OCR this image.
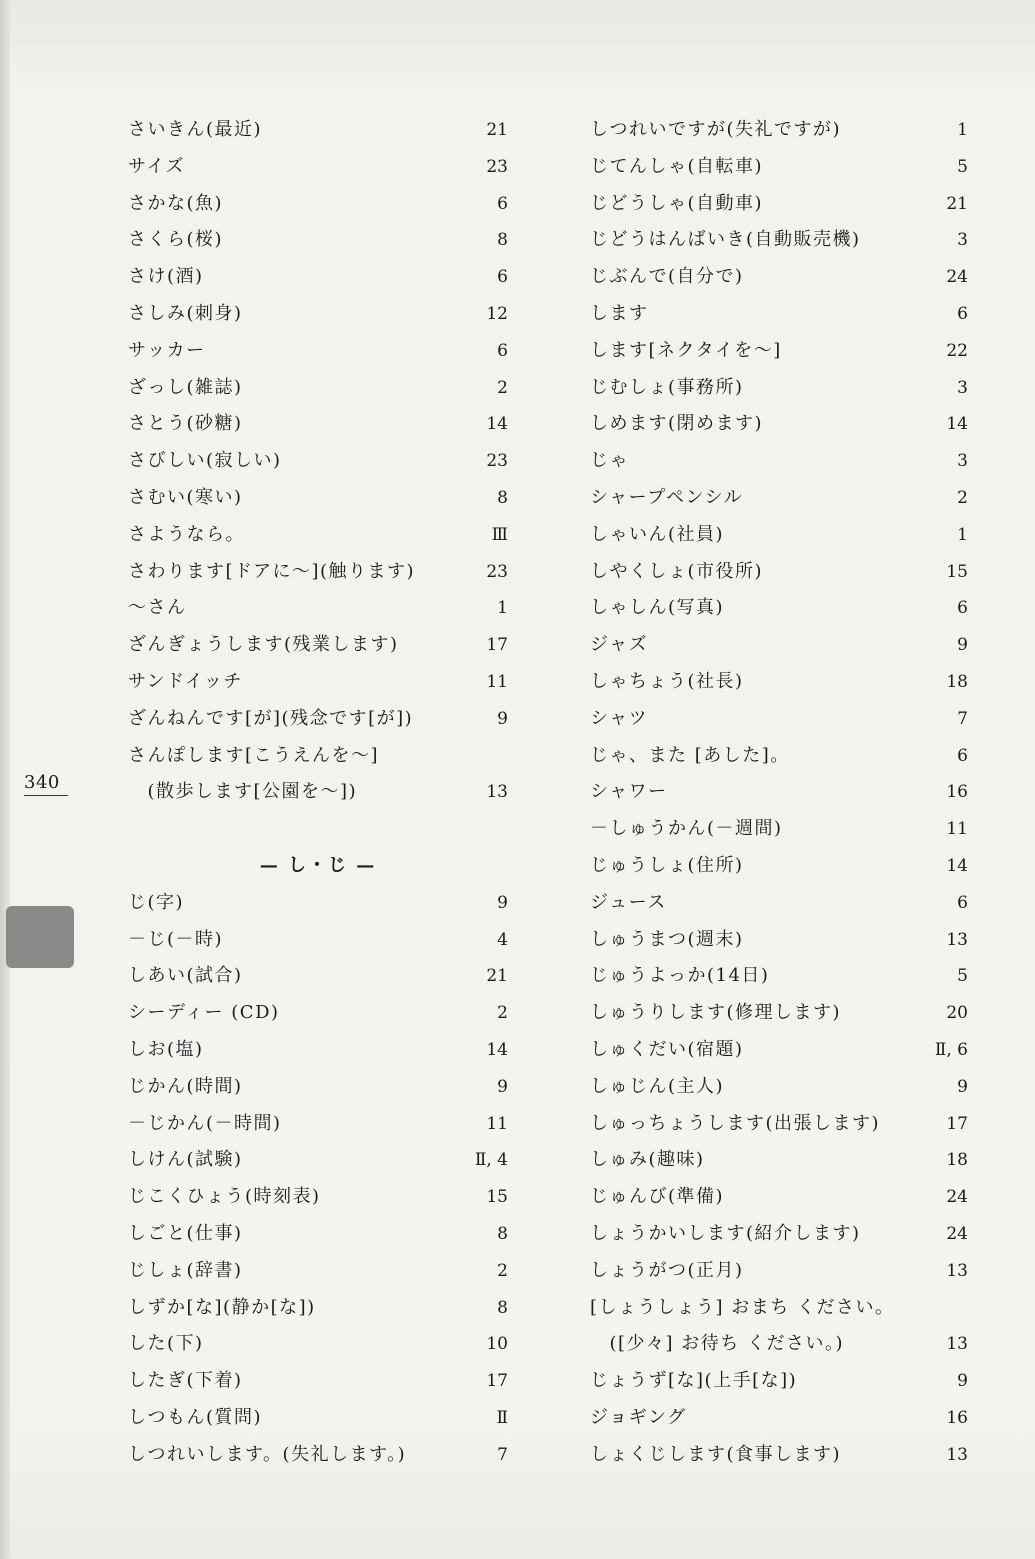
340
さいきん(最近)	21
サイズ	23
さかな(魚)	6
さくら(桜)	8
さけ(酒)	6
さしみ(刺身)	12
サッカー	6
ざっし(雑誌)	2
さとう(砂糖)	14
さびしい(寂しい)	23
さむい(寒い)	8
さようなら。	Ⅲ
さわります[ドアに～](触ります)	23
～さん	1
ざんぎょうします(残業します)	17
サンドイッチ	11
ざんねんです[が](残念です[が])	9
さんぽします[こうえんを～]
　(散歩します[公園を～])	13
— し・じ —
じ(字)	9
－じ(－時)	4
しあい(試合)	21
シーディー (CD)	2
しお(塩)	14
じかん(時間)	9
－じかん(－時間)	11
しけん(試験)	Ⅱ, 4
じこくひょう(時刻表)	15
しごと(仕事)	8
じしょ(辞書)	2
しずか[な](静か[な])	8
した(下)	10
したぎ(下着)	17
しつもん(質問)	Ⅱ
しつれいします。(失礼します。)	7
しつれいですが(失礼ですが)	1
じてんしゃ(自転車)	5
じどうしゃ(自動車)	21
じどうはんばいき(自動販売機)	3
じぶんで(自分で)	24
します	6
します[ネクタイを～]	22
じむしょ(事務所)	3
しめます(閉めます)	14
じゃ	3
シャープペンシル	2
しゃいん(社員)	1
しやくしょ(市役所)	15
しゃしん(写真)	6
ジャズ	9
しゃちょう(社長)	18
シャツ	7
じゃ、また [あした]。	6
シャワー	16
－しゅうかん(－週間)	11
じゅうしょ(住所)	14
ジュース	6
しゅうまつ(週末)	13
じゅうよっか(14日)	5
しゅうりします(修理します)	20
しゅくだい(宿題)	Ⅱ, 6
しゅじん(主人)	9
しゅっちょうします(出張します)	17
しゅみ(趣味)	18
じゅんび(準備)	24
しょうかいします(紹介します)	24
しょうがつ(正月)	13
[しょうしょう] おまち ください。
　([少々] お待ち ください。)	13
じょうず[な](上手[な])	9
ジョギング	16
しょくじします(食事します)	13
